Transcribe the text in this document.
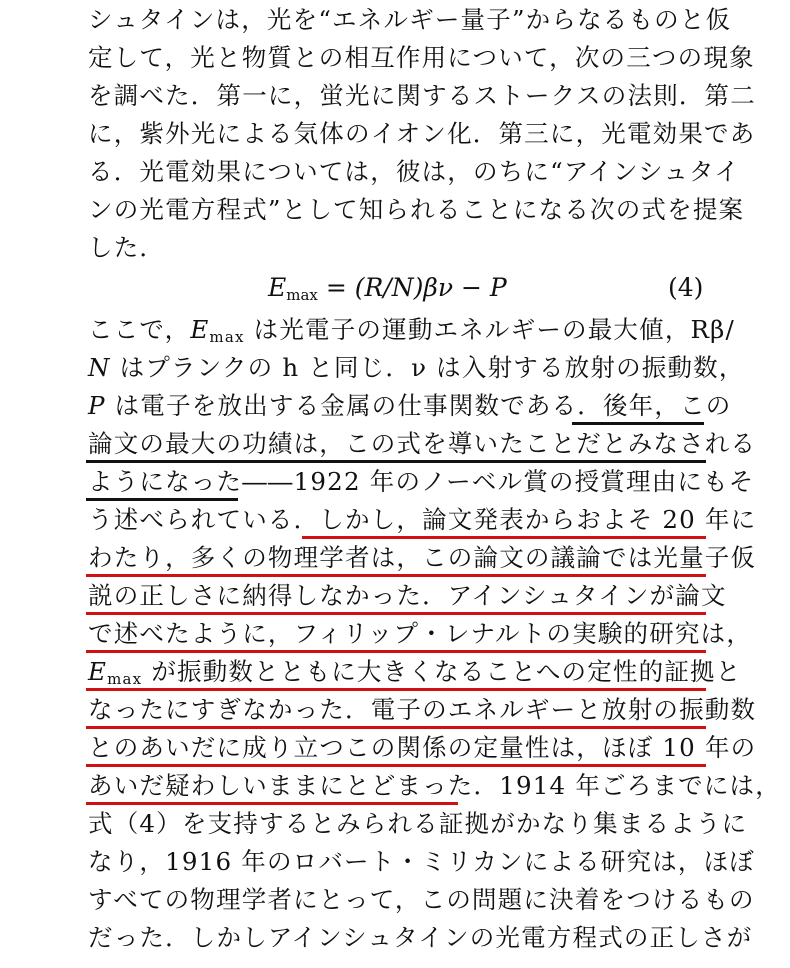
シュタインは，光を“エネルギー量子”からなるものと仮
定して，光と物質との相互作用について，次の三つの現象
を調べた．第一に，蛍光に関するストークスの法則．第二
に，紫外光による気体のイオン化．第三に，光電効果であ
る．光電効果については，彼は，のちに“アインシュタイ
ンの光電方程式”として知られることになる次の式を提案
した．
$E_{max} = (R/N)\beta\nu - P$	(4)
ここで，$E_{max}$ は光電子の運動エネルギーの最大値，Rβ/
N はプランクの h と同じ．ν は入射する放射の振動数，
P は電子を放出する金属の仕事関数である．後年，この
論文の最大の功績は，この式を導いたことだとみなされる
ようになった――1922 年のノーベル賞の授賞理由にもそ
う述べられている．しかし，論文発表からおよそ 20 年に
わたり，多くの物理学者は，この論文の議論では光量子仮
説の正しさに納得しなかった．アインシュタインが論文
で述べたように，フィリップ・レナルトの実験的研究は，
$E_{max}$ が振動数とともに大きくなることへの定性的証拠と
なったにすぎなかった．電子のエネルギーと放射の振動数
とのあいだに成り立つこの関係の定量性は，ほぼ 10 年の
あいだ疑わしいままにとどまった．1914 年ごろまでには，
式（4）を支持するとみられる証拠がかなり集まるように
なり，1916 年のロバート・ミリカンによる研究は，ほぼ
すべての物理学者にとって，この問題に決着をつけるもの
だった．しかしアインシュタインの光電方程式の正しさが
